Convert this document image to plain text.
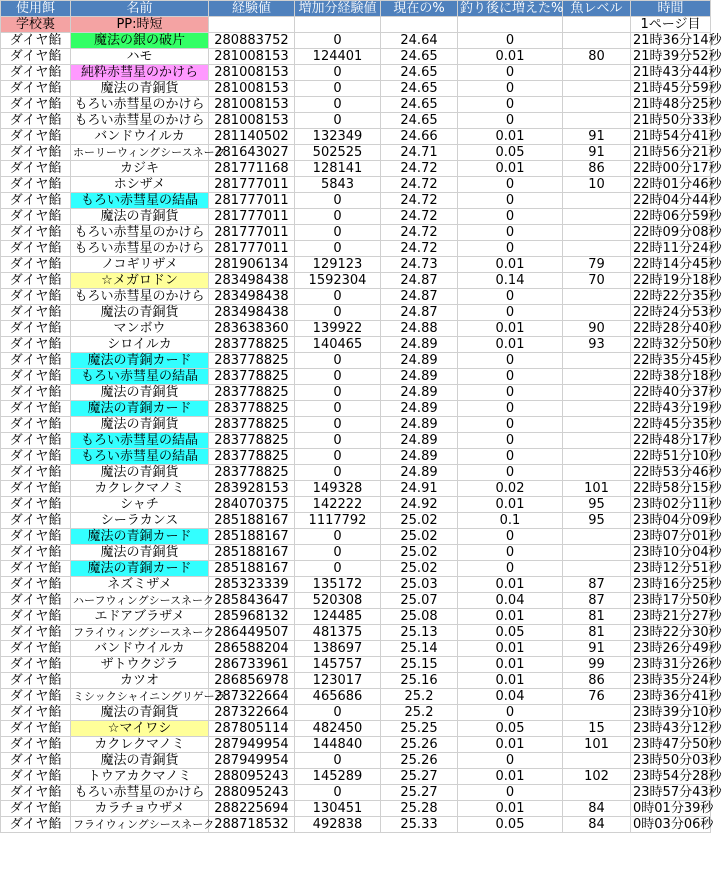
使用餌	名前	経験値	増加分経験値	現在の%	釣り後に増えた%	魚レベル	時間
学校裏	PP:時短						1ページ目
ダイヤ餡	魔法の銀の破片	280883752	0	24.64	0		21時36分14秒
ダイヤ餡	ハモ	281008153	124401	24.65	0.01	80	21時39分52秒
ダイヤ餡	純粋赤彗星のかけら	281008153	0	24.65	0		21時43分44秒
ダイヤ餡	魔法の青銅貨	281008153	0	24.65	0		21時45分59秒
ダイヤ餡	もろい赤彗星のかけら	281008153	0	24.65	0		21時48分25秒
ダイヤ餡	もろい赤彗星のかけら	281008153	0	24.65	0		21時50分33秒
ダイヤ餡	バンドウイルカ	281140502	132349	24.66	0.01	91	21時54分41秒
ダイヤ餡	ホーリーウィングシースネーク	281643027	502525	24.71	0.05	91	21時56分21秒
ダイヤ餡	カジキ	281771168	128141	24.72	0.01	86	22時00分17秒
ダイヤ餡	ホシザメ	281777011	5843	24.72	0	10	22時01分46秒
ダイヤ餡	もろい赤彗星の結晶	281777011	0	24.72	0		22時04分44秒
ダイヤ餡	魔法の青銅貨	281777011	0	24.72	0		22時06分59秒
ダイヤ餡	もろい赤彗星のかけら	281777011	0	24.72	0		22時09分08秒
ダイヤ餡	もろい赤彗星のかけら	281777011	0	24.72	0		22時11分24秒
ダイヤ餡	ノコギリザメ	281906134	129123	24.73	0.01	79	22時14分45秒
ダイヤ餡	☆メガロドン	283498438	1592304	24.87	0.14	70	22時19分18秒
ダイヤ餡	もろい赤彗星のかけら	283498438	0	24.87	0		22時22分35秒
ダイヤ餡	魔法の青銅貨	283498438	0	24.87	0		22時24分53秒
ダイヤ餡	マンボウ	283638360	139922	24.88	0.01	90	22時28分40秒
ダイヤ餡	シロイルカ	283778825	140465	24.89	0.01	93	22時32分50秒
ダイヤ餡	魔法の青銅カード	283778825	0	24.89	0		22時35分45秒
ダイヤ餡	もろい赤彗星の結晶	283778825	0	24.89	0		22時38分18秒
ダイヤ餡	魔法の青銅貨	283778825	0	24.89	0		22時40分37秒
ダイヤ餡	魔法の青銅カード	283778825	0	24.89	0		22時43分19秒
ダイヤ餡	魔法の青銅貨	283778825	0	24.89	0		22時45分35秒
ダイヤ餡	もろい赤彗星の結晶	283778825	0	24.89	0		22時48分17秒
ダイヤ餡	もろい赤彗星の結晶	283778825	0	24.89	0		22時51分10秒
ダイヤ餡	魔法の青銅貨	283778825	0	24.89	0		22時53分46秒
ダイヤ餡	カクレクマノミ	283928153	149328	24.91	0.02	101	22時58分15秒
ダイヤ餡	シャチ	284070375	142222	24.92	0.01	95	23時02分11秒
ダイヤ餡	シーラカンス	285188167	1117792	25.02	0.1	95	23時04分09秒
ダイヤ餡	魔法の青銅カード	285188167	0	25.02	0		23時07分01秒
ダイヤ餡	魔法の青銅貨	285188167	0	25.02	0		23時10分04秒
ダイヤ餡	魔法の青銅カード	285188167	0	25.02	0		23時12分51秒
ダイヤ餡	ネズミザメ	285323339	135172	25.03	0.01	87	23時16分25秒
ダイヤ餡	ハーフウィングシースネーク	285843647	520308	25.07	0.04	87	23時17分50秒
ダイヤ餡	エドアブラザメ	285968132	124485	25.08	0.01	81	23時21分27秒
ダイヤ餡	フライウィングシースネーク	286449507	481375	25.13	0.05	81	23時22分30秒
ダイヤ餡	バンドウイルカ	286588204	138697	25.14	0.01	91	23時26分49秒
ダイヤ餡	ザトウクジラ	286733961	145757	25.15	0.01	99	23時31分26秒
ダイヤ餡	カツオ	286856978	123017	25.16	0.01	86	23時35分24秒
ダイヤ餡	ミシックシャイニングリゲーラ	287322664	465686	25.2	0.04	76	23時36分41秒
ダイヤ餡	魔法の青銅貨	287322664	0	25.2	0		23時39分10秒
ダイヤ餡	☆マイワシ	287805114	482450	25.25	0.05	15	23時43分12秒
ダイヤ餡	カクレクマノミ	287949954	144840	25.26	0.01	101	23時47分50秒
ダイヤ餡	魔法の青銅貨	287949954	0	25.26	0		23時50分03秒
ダイヤ餡	トウアカクマノミ	288095243	145289	25.27	0.01	102	23時54分28秒
ダイヤ餡	もろい赤彗星のかけら	288095243	0	25.27	0		23時57分43秒
ダイヤ餡	カラチョウザメ	288225694	130451	25.28	0.01	84	0時01分39秒
ダイヤ餡	フライウィングシースネーク	288718532	492838	25.33	0.05	84	0時03分06秒
